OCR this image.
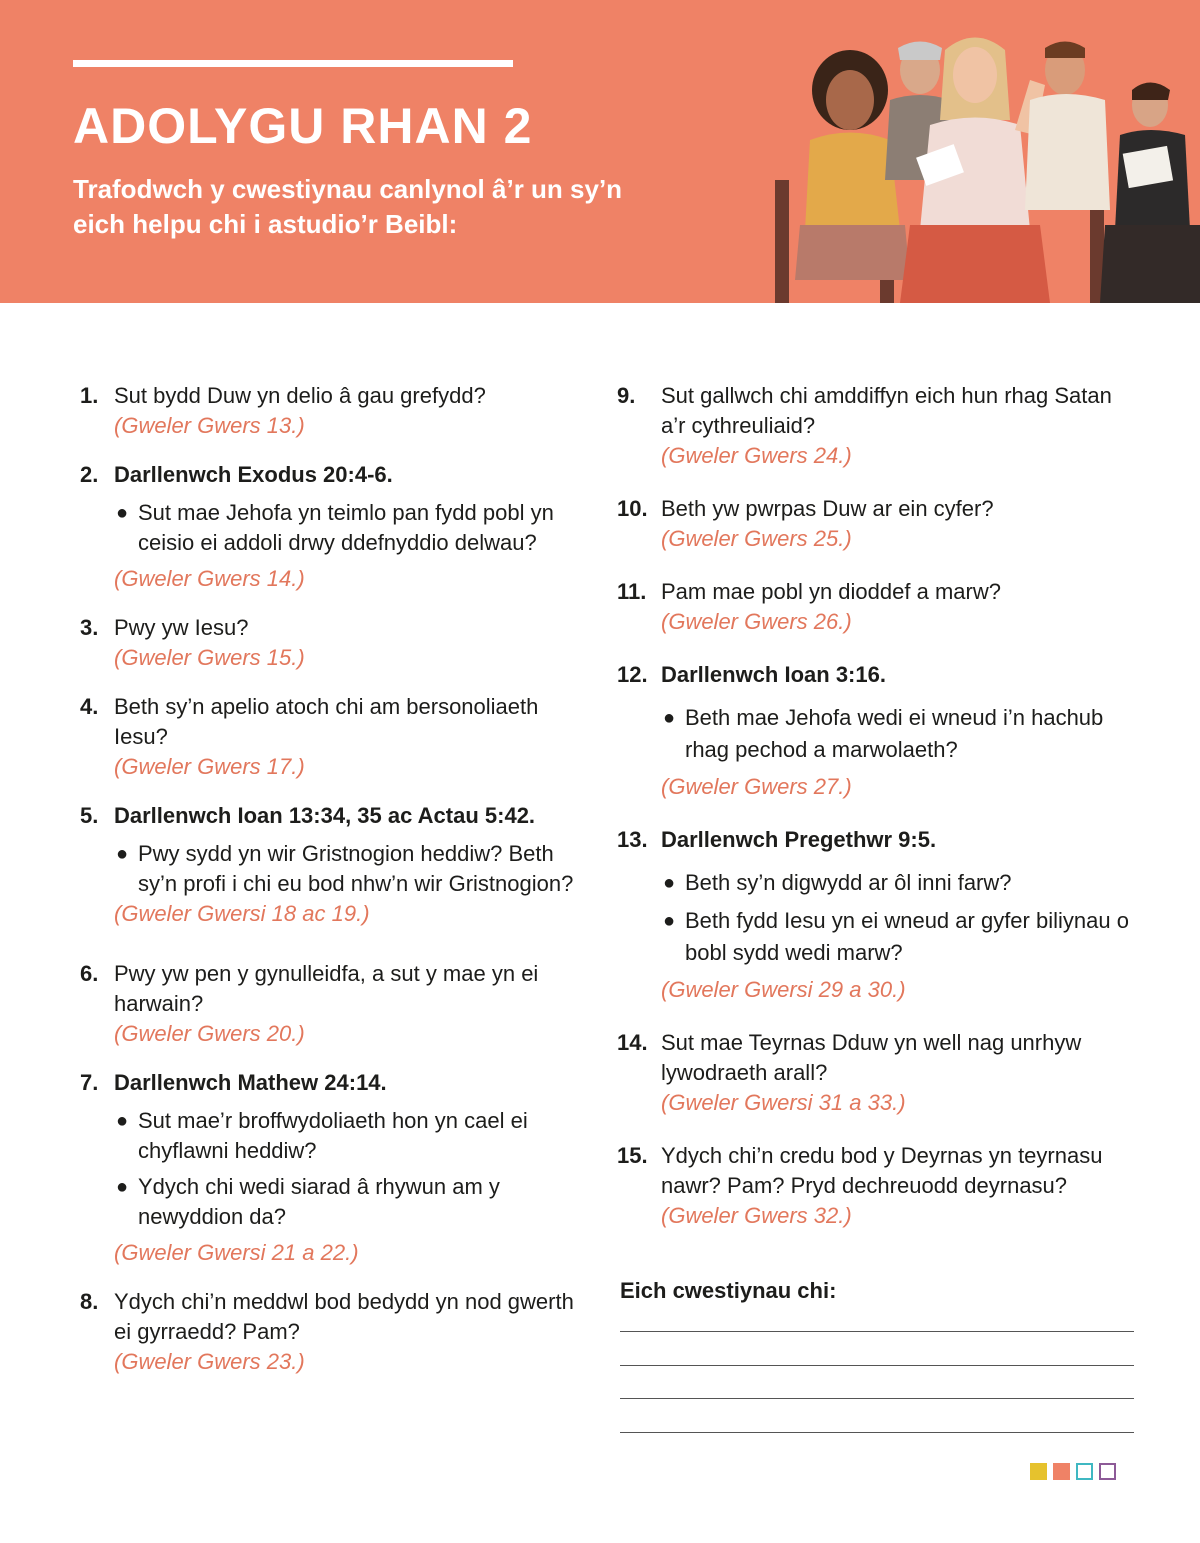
ADOLYGU RHAN 2

Trafodwch y cwestiynau canlynol â’r un sy’n eich helpu chi i astudio’r Beibl:

1. Sut bydd Duw yn delio â gau grefydd?
(Gweler Gwers 13.)
2. Darllenwch Exodus 20:4-6.
● Sut mae Jehofa yn teimlo pan fydd pobl yn ceisio ei addoli drwy ddefnyddio delwau?
(Gweler Gwers 14.)
3. Pwy yw Iesu?
(Gweler Gwers 15.)
4. Beth sy’n apelio atoch chi am bersonoliaeth Iesu?
(Gweler Gwers 17.)
5. Darllenwch Ioan 13:34, 35 ac Actau 5:42.
● Pwy sydd yn wir Gristnogion heddiw? Beth sy’n profi i chi eu bod nhw’n wir Gristnogion?
(Gweler Gwersi 18 ac 19.)
6. Pwy yw pen y gynulleidfa, a sut y mae yn ei harwain?
(Gweler Gwers 20.)
7. Darllenwch Mathew 24:14.
● Sut mae’r broffwydoliaeth hon yn cael ei chyflawni heddiw?
● Ydych chi wedi siarad â rhywun am y newyddion da?
(Gweler Gwersi 21 a 22.)
8. Ydych chi’n meddwl bod bedydd yn nod gwerth ei gyrraedd? Pam?
(Gweler Gwers 23.)
9.	Sut gallwch chi amddiffyn eich hun rhag Satan a’r cythreuliaid?
(Gweler Gwers 24.)
10. Beth yw pwrpas Duw ar ein cyfer?
(Gweler Gwers 25.)
11. Pam mae pobl yn dioddef a marw?
(Gweler Gwers 26.)
12. Darllenwch Ioan 3:16.
● Beth mae Jehofa wedi ei wneud i’n hachub rhag pechod a marwolaeth?
(Gweler Gwers 27.)
13. Darllenwch Pregethwr 9:5.
● Beth sy’n digwydd ar ôl inni farw?
● Beth fydd Iesu yn ei wneud ar gyfer biliynau o bobl sydd wedi marw?
(Gweler Gwersi 29 a 30.)
14. Sut mae Teyrnas Dduw yn well nag unrhyw lywodraeth arall?
(Gweler Gwersi 31 a 33.)
15. Ydych chi’n credu bod y Deyrnas yn teyrnasu nawr? Pam? Pryd dechreuodd deyrnasu?
(Gweler Gwers 32.)
Eich cwestiynau chi:
